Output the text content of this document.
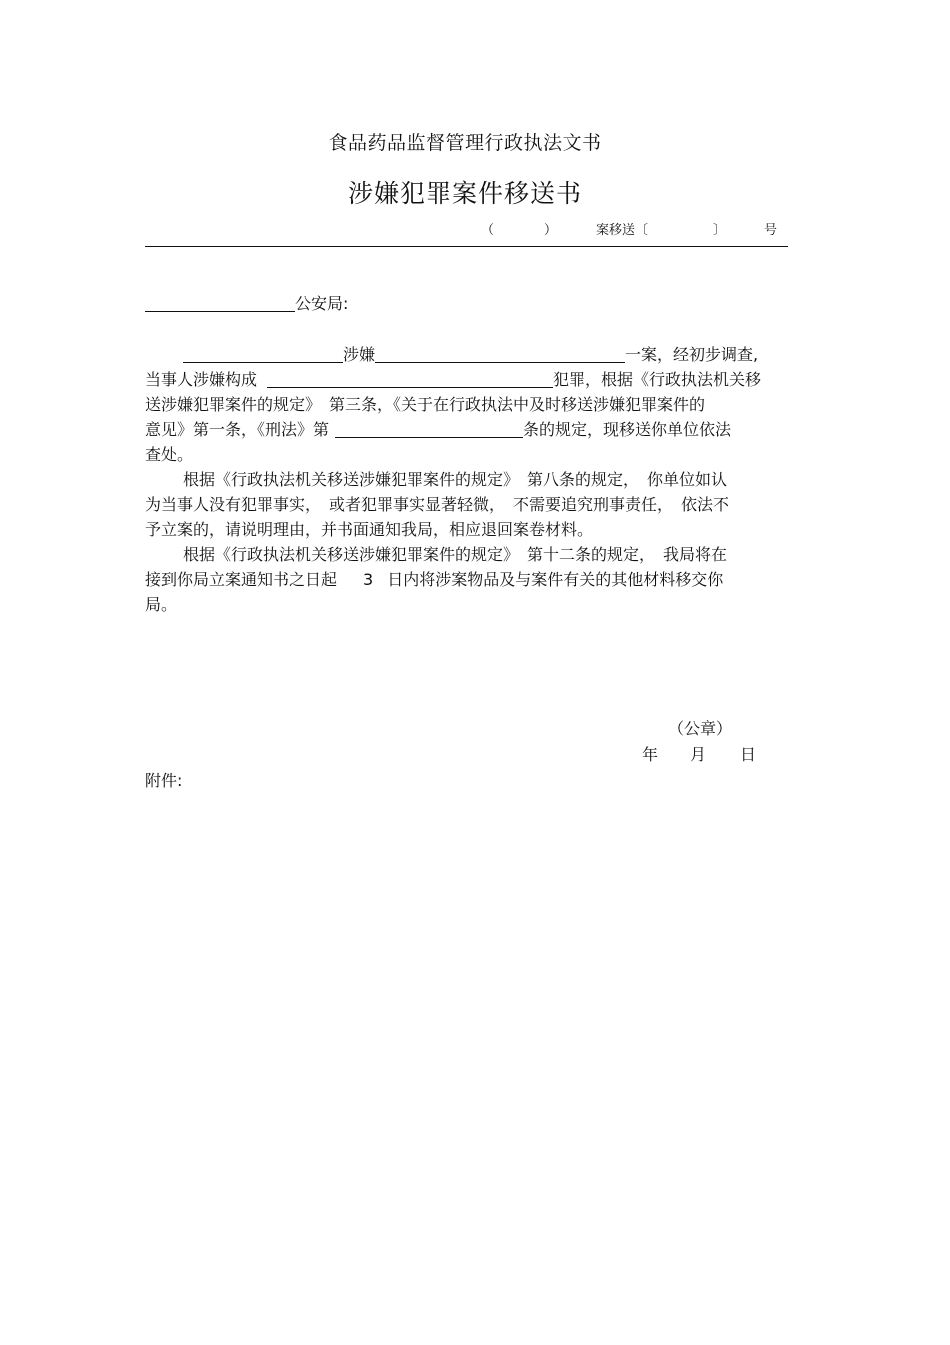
食品药品监督管理行政执法文书
涉嫌犯罪案件移送书
（	）	案移送〔	〕	号
公安局:
涉嫌	一案，经初步调查,
当事人涉嫌构成	犯罪，根据《行政执法机关移
送涉嫌犯罪案件的规定》　第三条，《关于在行政执法中及时移送涉嫌犯罪案件的
意见》第一条，《刑法》第	条的规定，现移送你单位依法
查处。
根据《行政执法机关移送涉嫌犯罪案件的规定》　第八条的规定，　你单位如认
为当事人没有犯罪事实，　或者犯罪事实显著轻微，　不需要追究刑事责任，　依法不
予立案的，请说明理由，并书面通知我局，相应退回案卷材料。
根据《行政执法机关移送涉嫌犯罪案件的规定》　第十二条的规定，　我局将在
接到你局立案通知书之日起 3 日内将涉案物品及与案件有关的其他材料移交你
局。
（公章）
年 月 日
附件:
